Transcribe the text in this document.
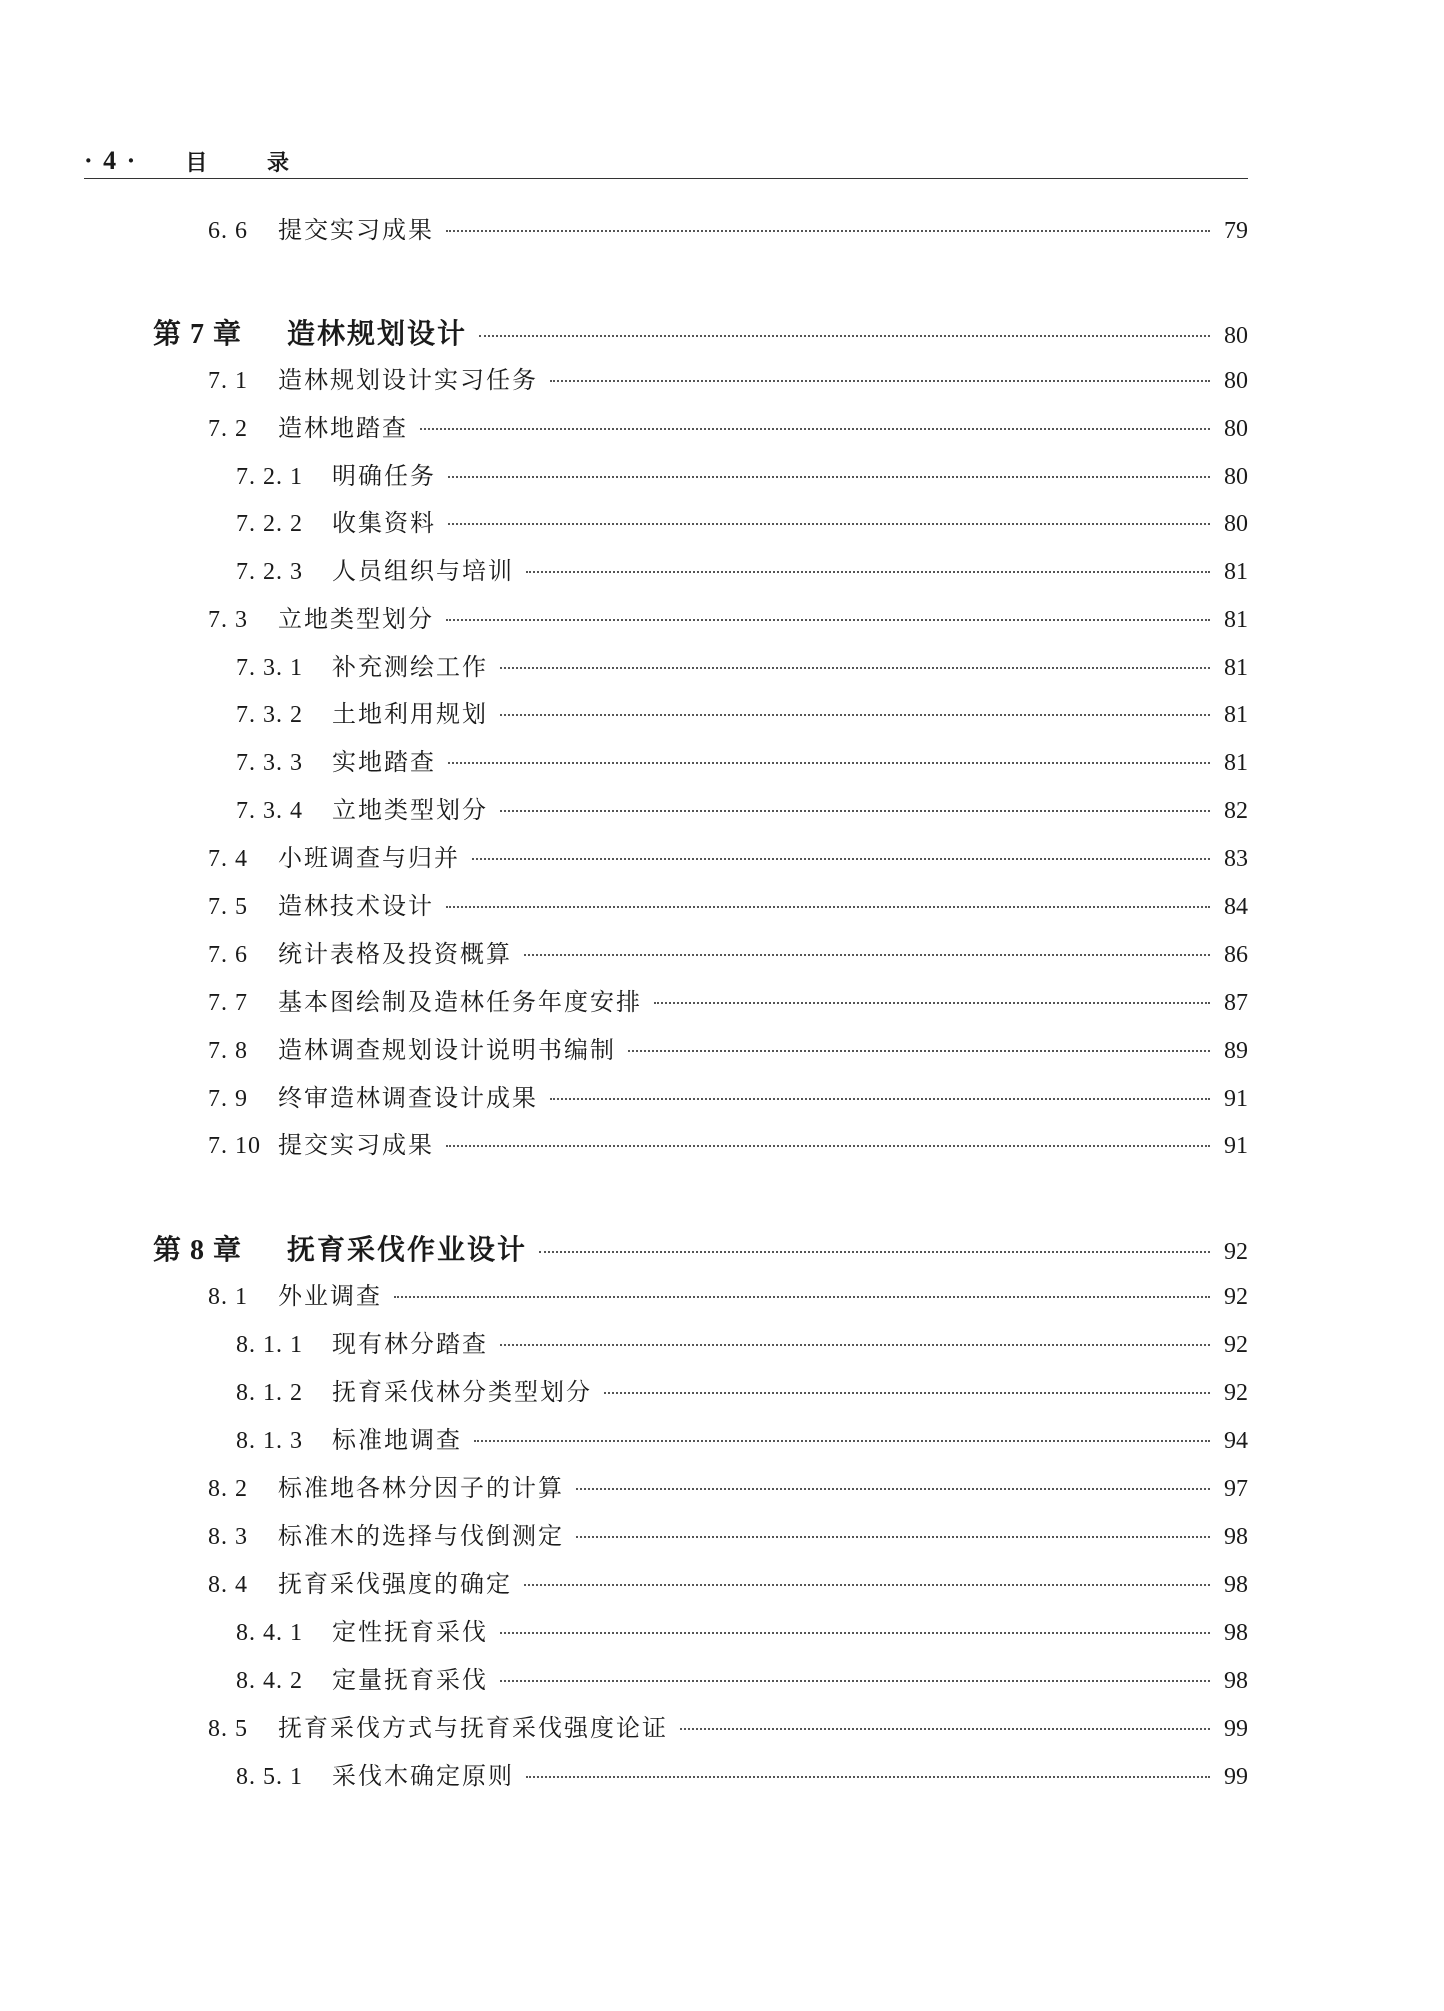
· 4 · 目 录
6. 6	提交实习成果	79
第 7 章	造林规划设计	80
7. 1	造林规划设计实习任务	80
7. 2	造林地踏查	80
7. 2. 1	明确任务	80
7. 2. 2	收集资料	80
7. 2. 3	人员组织与培训	81
7. 3	立地类型划分	81
7. 3. 1	补充测绘工作	81
7. 3. 2	土地利用规划	81
7. 3. 3	实地踏查	81
7. 3. 4	立地类型划分	82
7. 4	小班调查与归并	83
7. 5	造林技术设计	84
7. 6	统计表格及投资概算	86
7. 7	基本图绘制及造林任务年度安排	87
7. 8	造林调查规划设计说明书编制	89
7. 9	终审造林调查设计成果	91
7. 10 提交实习成果	91
第 8 章	抚育采伐作业设计	92
8. 1	外业调查	92
8. 1. 1	现有林分踏查	92
8. 1. 2	抚育采伐林分类型划分	92
8. 1. 3	标准地调查	94
8. 2	标准地各林分因子的计算	97
8. 3	标准木的选择与伐倒测定	98
8. 4	抚育采伐强度的确定	98
8. 4. 1	定性抚育采伐	98
8. 4. 2	定量抚育采伐	98
8. 5	抚育采伐方式与抚育采伐强度论证	99
8. 5. 1	采伐木确定原则	99
